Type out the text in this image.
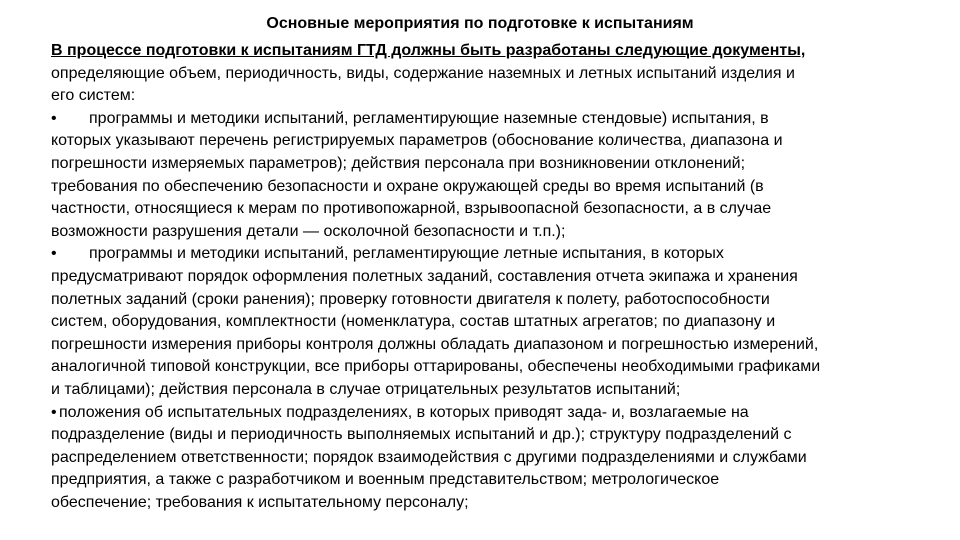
Основные мероприятия по подготовке к испытаниям
В процессе подготовки к испытаниям ГТД должны быть разработаны следующие документы,
определяющие объем, периодичность, виды, содержание наземных и летных испытаний изделия и
его систем:
• программы и методики испытаний, регламентирующие наземные стендовые) испытания, в
которых указывают перечень регистрируемых параметров (обоснование количества, диапазона и
погрешности измеряемых параметров); действия персонала при возникновении отклонений;
требования по обеспечению безопасности и охране окружающей среды во время испытаний (в
частности, относящиеся к мерам по противопожарной, взрывоопасной безопасности, а в случае
возможности разрушения детали — осколочной безопасности и т.п.);
• программы и методики испытаний, регламентирующие летные испытания, в которых
предусматривают порядок оформления полетных заданий, составления отчета экипажа и хранения
полетных заданий (сроки ранения); проверку готовности двигателя к полету, работоспособности
систем, оборудования, комплектности (номенклатура, состав штатных агрегатов; по диапазону и
погрешности измерения приборы контроля должны обладать диапазоном и погрешностью измерений,
аналогичной типовой конструкции, все приборы оттарированы, обеспечены необходимыми графиками
и таблицами); действия персонала в случае отрицательных результатов испытаний;
• положения об испытательных подразделениях, в которых приводят зада- и, возлагаемые на
подразделение (виды и периодичность выполняемых испытаний и др.); структуру подразделений с
распределением ответственности; порядок взаимодействия с другими подразделениями и службами
предприятия, а также с разработчиком и военным представительством; метрологическое
обеспечение; требования к испытательному персоналу;
